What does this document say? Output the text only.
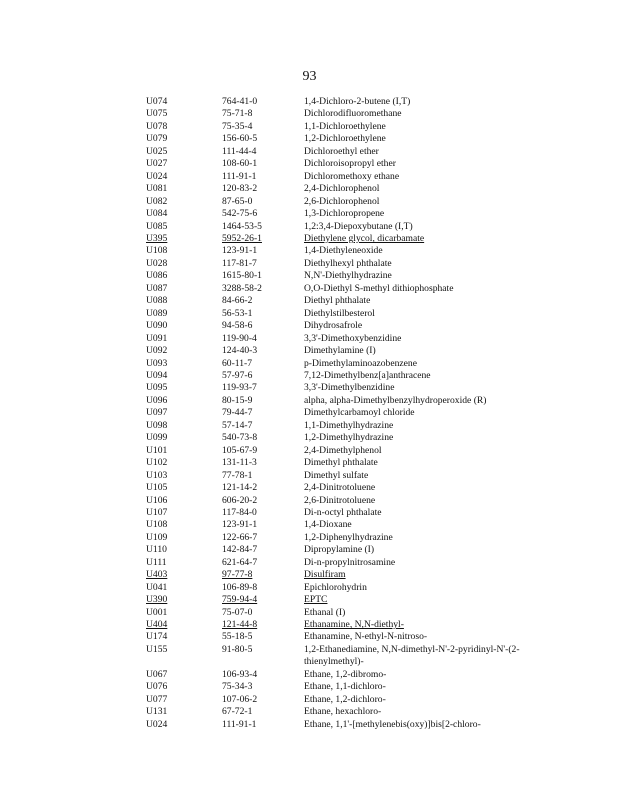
93
U074	764-41-0	1,4-Dichloro-2-butene (I,T)
U075	75-71-8	Dichlorodifluoromethane
U078	75-35-4	1,1-Dichloroethylene
U079	156-60-5	1,2-Dichloroethylene
U025	111-44-4	Dichloroethyl ether
U027	108-60-1	Dichloroisopropyl ether
U024	111-91-1	Dichloromethoxy ethane
U081	120-83-2	2,4-Dichlorophenol
U082	87-65-0	2,6-Dichlorophenol
U084	542-75-6	1,3-Dichloropropene
U085	1464-53-5	1,2:3,4-Diepoxybutane (I,T)
U395	5952-26-1	Diethylene glycol, dicarbamate
U108	123-91-1	1,4-Diethyleneoxide
U028	117-81-7	Diethylhexyl phthalate
U086	1615-80-1	N,N'-Diethylhydrazine
U087	3288-58-2	O,O-Diethyl S-methyl dithiophosphate
U088	84-66-2	Diethyl phthalate
U089	56-53-1	Diethylstilbesterol
U090	94-58-6	Dihydrosafrole
U091	119-90-4	3,3'-Dimethoxybenzidine
U092	124-40-3	Dimethylamine (I)
U093	60-11-7	p-Dimethylaminoazobenzene
U094	57-97-6	7,12-Dimethylbenz[a]anthracene
U095	119-93-7	3,3'-Dimethylbenzidine
U096	80-15-9	alpha, alpha-Dimethylbenzylhydroperoxide (R)
U097	79-44-7	Dimethylcarbamoyl chloride
U098	57-14-7	1,1-Dimethylhydrazine
U099	540-73-8	1,2-Dimethylhydrazine
U101	105-67-9	2,4-Dimethylphenol
U102	131-11-3	Dimethyl phthalate
U103	77-78-1	Dimethyl sulfate
U105	121-14-2	2,4-Dinitrotoluene
U106	606-20-2	2,6-Dinitrotoluene
U107	117-84-0	Di-n-octyl phthalate
U108	123-91-1	1,4-Dioxane
U109	122-66-7	1,2-Diphenylhydrazine
U110	142-84-7	Dipropylamine (I)
U111	621-64-7	Di-n-propylnitrosamine
U403	97-77-8	Disulfiram
U041	106-89-8	Epichlorohydrin
U390	759-94-4	EPTC
U001	75-07-0	Ethanal (I)
U404	121-44-8	Ethanamine, N,N-diethyl-
U174	55-18-5	Ethanamine, N-ethyl-N-nitroso-
U155	91-80-5	1,2-Ethanediamine, N,N-dimethyl-N'-2-pyridinyl-N'-(2-thienylmethyl)-
U067	106-93-4	Ethane, 1,2-dibromo-
U076	75-34-3	Ethane, 1,1-dichloro-
U077	107-06-2	Ethane, 1,2-dichloro-
U131	67-72-1	Ethane, hexachloro-
U024	111-91-1	Ethane, 1,1'-[methylenebis(oxy)]bis[2-chloro-
